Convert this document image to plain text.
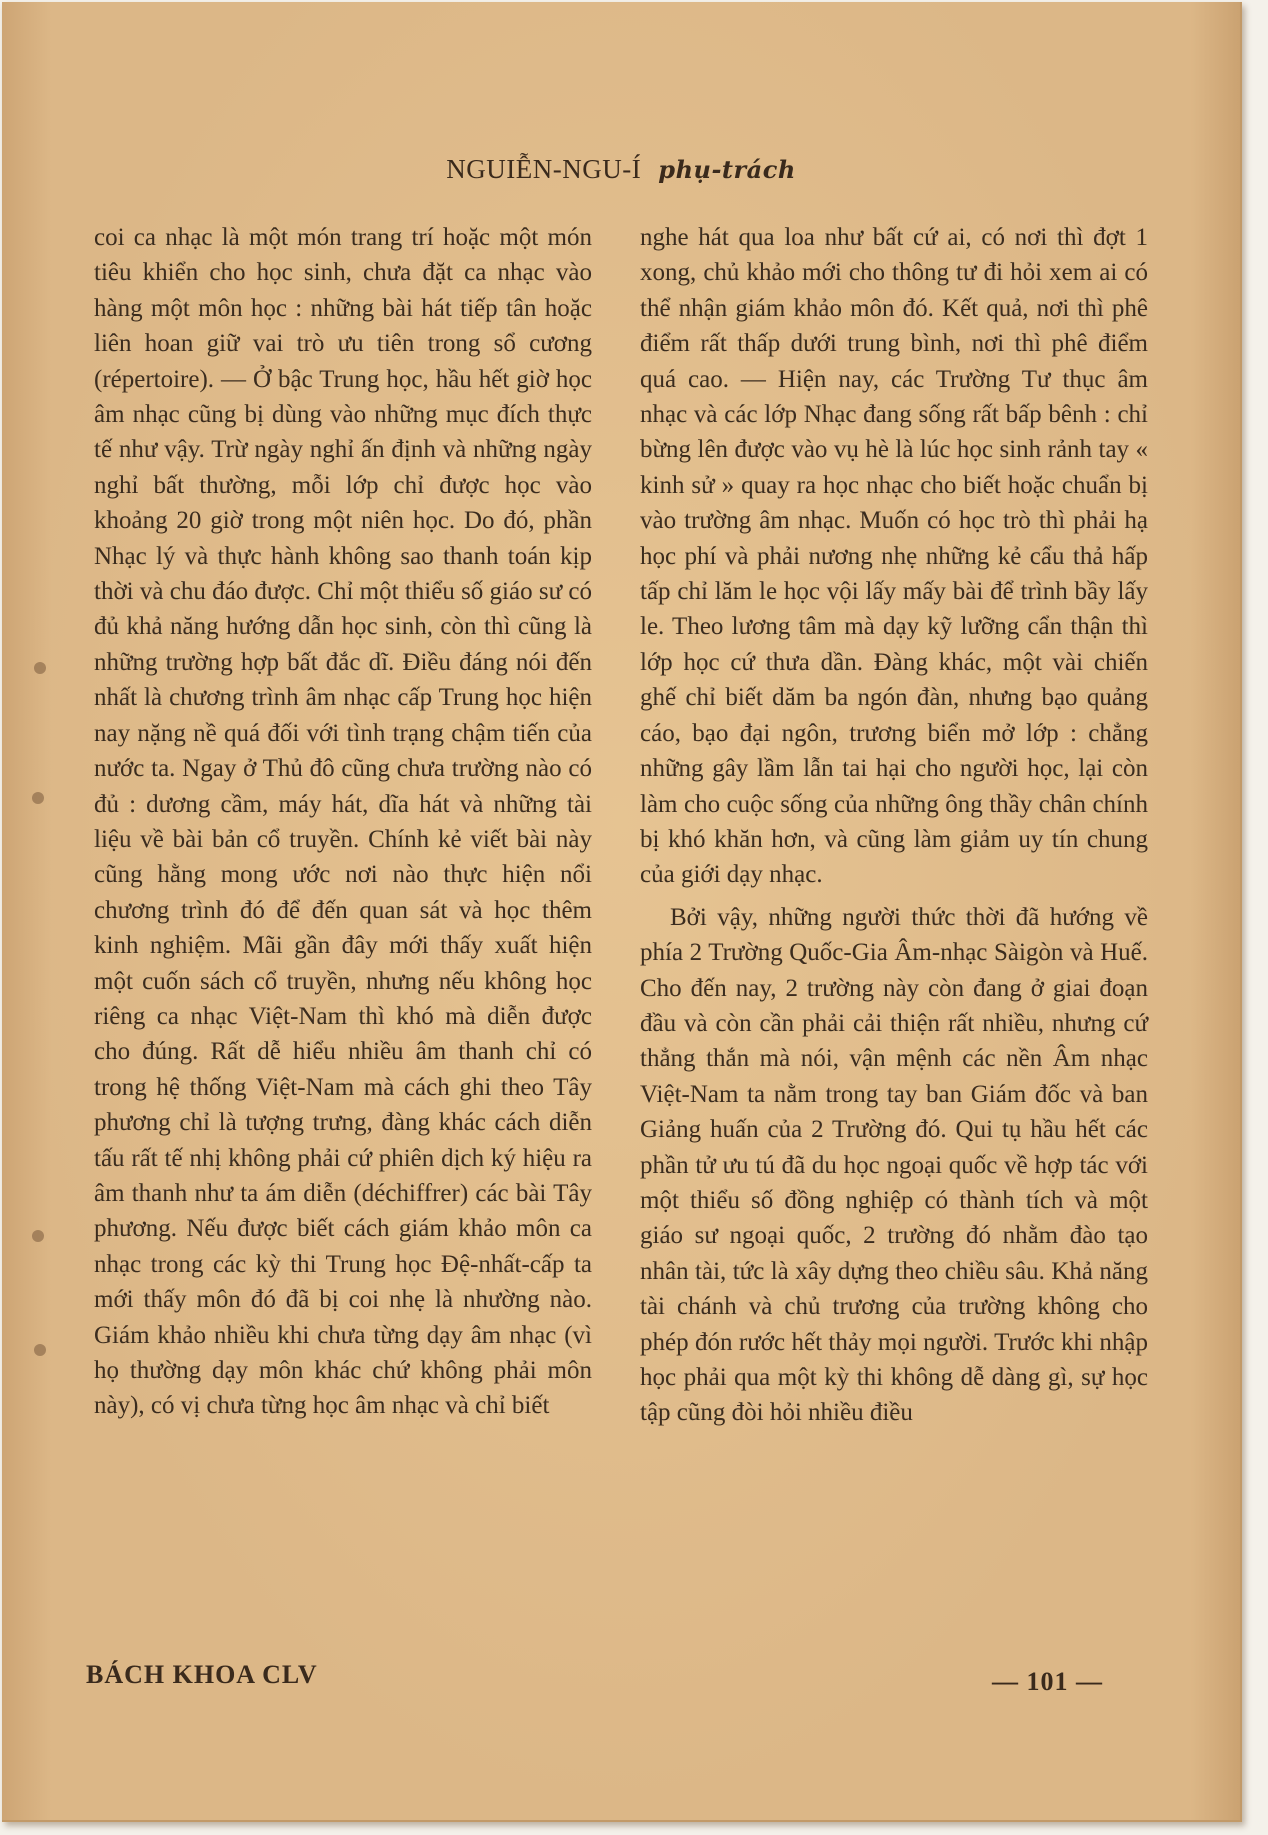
NGUIỄN-NGU-Í phụ-trách

coi ca nhạc là một món trang trí hoặc một món tiêu khiển cho học sinh, chưa đặt ca nhạc vào hàng một môn học : những bài hát tiếp tân hoặc liên hoan giữ vai trò ưu tiên trong sổ cương (répertoire). — Ở bậc Trung học, hầu hết giờ học âm nhạc cũng bị dùng vào những mục đích thực tế như vậy. Trừ ngày nghỉ ấn định và những ngày nghỉ bất thường, mỗi lớp chỉ được học vào khoảng 20 giờ trong một niên học. Do đó, phần Nhạc lý và thực hành không sao thanh toán kịp thời và chu đáo được. Chỉ một thiểu số giáo sư có đủ khả năng hướng dẫn học sinh, còn thì cũng là những trường hợp bất đắc dĩ. Điều đáng nói đến nhất là chương trình âm nhạc cấp Trung học hiện nay nặng nề quá đối với tình trạng chậm tiến của nước ta. Ngay ở Thủ đô cũng chưa trường nào có đủ : dương cầm, máy hát, dĩa hát và những tài liệu về bài bản cổ truyền. Chính kẻ viết bài này cũng hằng mong ước nơi nào thực hiện nổi chương trình đó để đến quan sát và học thêm kinh nghiệm. Mãi gần đây mới thấy xuất hiện một cuốn sách cổ truyền, nhưng nếu không học riêng ca nhạc Việt-Nam thì khó mà diễn được cho đúng. Rất dễ hiểu nhiều âm thanh chỉ có trong hệ thống Việt-Nam mà cách ghi theo Tây phương chỉ là tượng trưng, đàng khác cách diễn tấu rất tế nhị không phải cứ phiên dịch ký hiệu ra âm thanh như ta ám diễn (déchiffrer) các bài Tây phương. Nếu được biết cách giám khảo môn ca nhạc trong các kỳ thi Trung học Đệ-nhất-cấp ta mới thấy môn đó đã bị coi nhẹ là nhường nào. Giám khảo nhiều khi chưa từng dạy âm nhạc (vì họ thường dạy môn khác chứ không phải môn này), có vị chưa từng học âm nhạc và chỉ biết

nghe hát qua loa như bất cứ ai, có nơi thì đợt 1 xong, chủ khảo mới cho thông tư đi hỏi xem ai có thể nhận giám khảo môn đó. Kết quả, nơi thì phê điểm rất thấp dưới trung bình, nơi thì phê điểm quá cao. — Hiện nay, các Trường Tư thục âm nhạc và các lớp Nhạc đang sống rất bấp bênh : chỉ bừng lên được vào vụ hè là lúc học sinh rảnh tay « kinh sử » quay ra học nhạc cho biết hoặc chuẩn bị vào trường âm nhạc. Muốn có học trò thì phải hạ học phí và phải nương nhẹ những kẻ cẩu thả hấp tấp chỉ lăm le học vội lấy mấy bài để trình bầy lấy le. Theo lương tâm mà dạy kỹ lưỡng cẩn thận thì lớp học cứ thưa dần. Đàng khác, một vài chiến ghế chỉ biết dăm ba ngón đàn, nhưng bạo quảng cáo, bạo đại ngôn, trương biển mở lớp : chẳng những gây lầm lẫn tai hại cho người học, lại còn làm cho cuộc sống của những ông thầy chân chính bị khó khăn hơn, và cũng làm giảm uy tín chung của giới dạy nhạc.

Bởi vậy, những người thức thời đã hướng về phía 2 Trường Quốc-Gia Âm-nhạc Sàigòn và Huế. Cho đến nay, 2 trường này còn đang ở giai đoạn đầu và còn cần phải cải thiện rất nhiều, nhưng cứ thẳng thắn mà nói, vận mệnh các nền Âm nhạc Việt-Nam ta nằm trong tay ban Giám đốc và ban Giảng huấn của 2 Trường đó. Qui tụ hầu hết các phần tử ưu tú đã du học ngoại quốc về hợp tác với một thiểu số đồng nghiệp có thành tích và một giáo sư ngoại quốc, 2 trường đó nhằm đào tạo nhân tài, tức là xây dựng theo chiều sâu. Khả năng tài chánh và chủ trương của trường không cho phép đón rước hết thảy mọi người. Trước khi nhập học phải qua một kỳ thi không dễ dàng gì, sự học tập cũng đòi hỏi nhiều điều

BÁCH KHOA CLV	— 101 —
